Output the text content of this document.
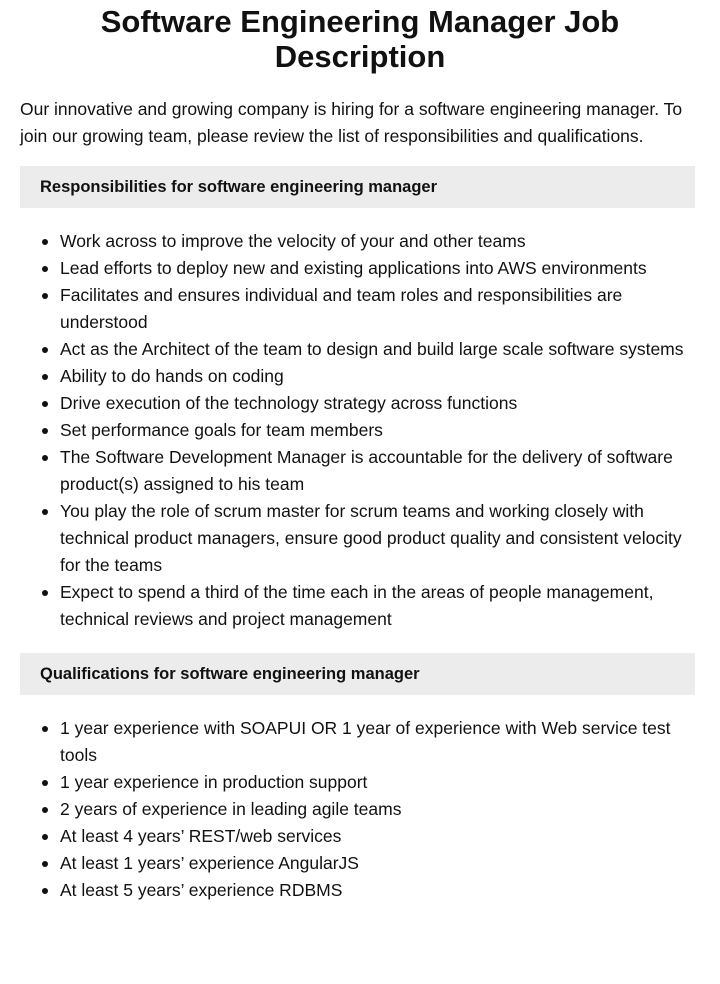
Software Engineering Manager Job Description

Our innovative and growing company is hiring for a software engineering manager. To join our growing team, please review the list of responsibilities and qualifications.

Responsibilities for software engineering manager
Work across to improve the velocity of your and other teams
Lead efforts to deploy new and existing applications into AWS environments
Facilitates and ensures individual and team roles and responsibilities are understood
Act as the Architect of the team to design and build large scale software systems
Ability to do hands on coding
Drive execution of the technology strategy across functions
Set performance goals for team members
The Software Development Manager is accountable for the delivery of software product(s) assigned to his team
You play the role of scrum master for scrum teams and working closely with technical product managers, ensure good product quality and consistent velocity for the teams
Expect to spend a third of the time each in the areas of people management, technical reviews and project management
Qualifications for software engineering manager
1 year experience with SOAPUI OR 1 year of experience with Web service test tools
1 year experience in production support
2 years of experience in leading agile teams
At least 4 years’ REST/web services
At least 1 years’ experience AngularJS
At least 5 years’ experience RDBMS
